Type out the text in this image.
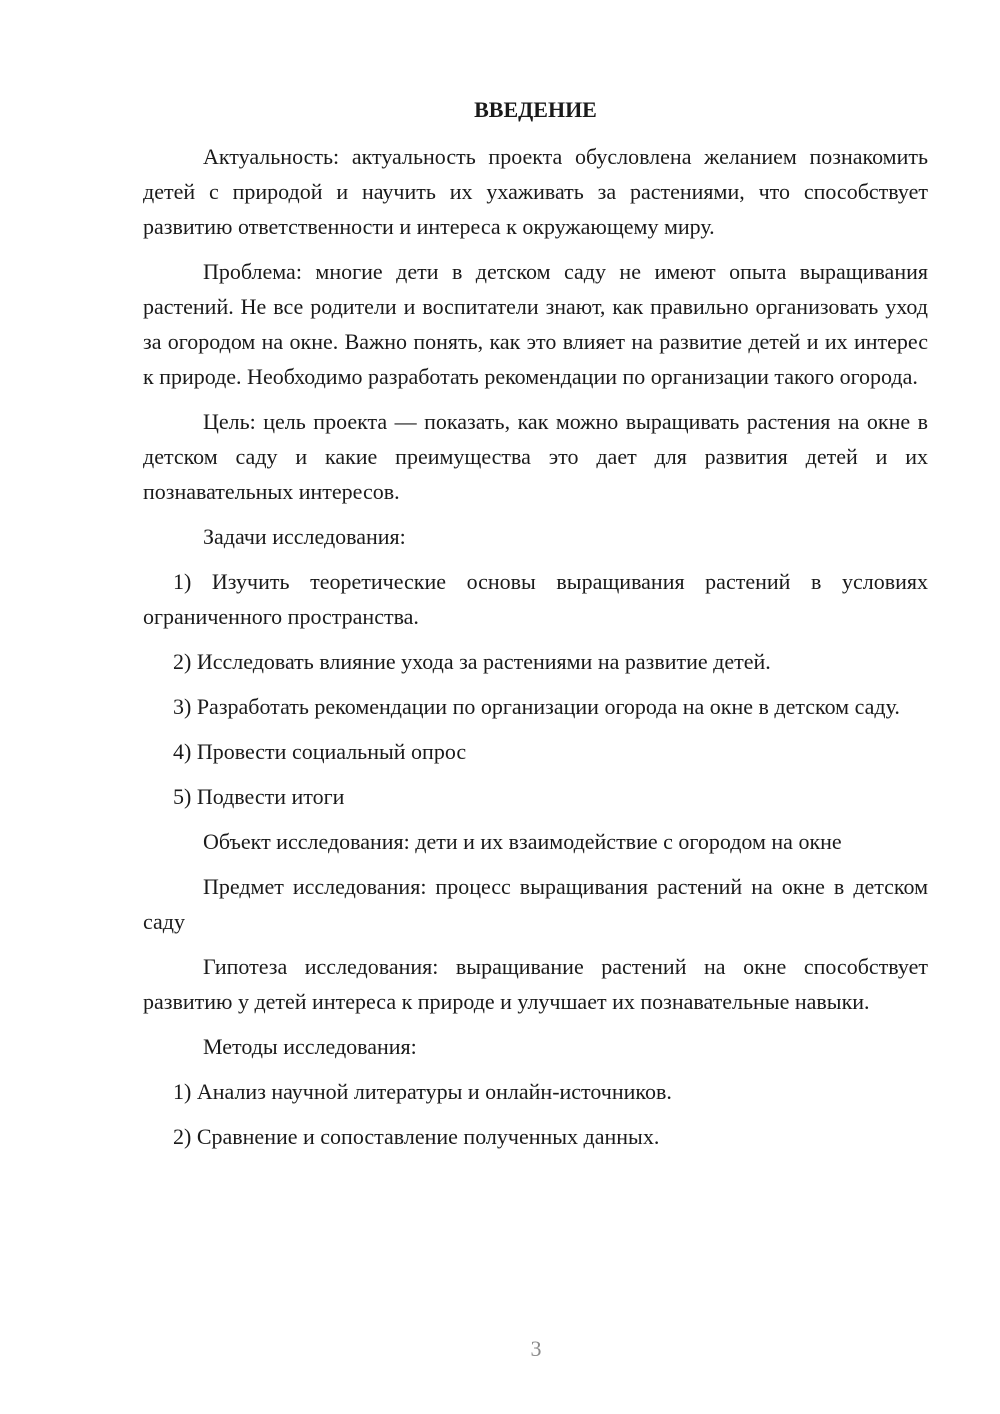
ВВЕДЕНИЕ

Актуальность: актуальность проекта обусловлена желанием познакомить детей с природой и научить их ухаживать за растениями, что способствует развитию ответственности и интереса к окружающему миру.

Проблема: многие дети в детском саду не имеют опыта выращивания растений. Не все родители и воспитатели знают, как правильно организовать уход за огородом на окне. Важно понять, как это влияет на развитие детей и их интерес к природе. Необходимо разработать рекомендации по организации такого огорода.

Цель: цель проекта — показать, как можно выращивать растения на окне в детском саду и какие преимущества это дает для развития детей и их познавательных интересов.

Задачи исследования:

1) Изучить теоретические основы выращивания растений в условиях ограниченного пространства.

2) Исследовать влияние ухода за растениями на развитие детей.

3) Разработать рекомендации по организации огорода на окне в детском саду.

4) Провести социальный опрос

5) Подвести итоги

Объект исследования: дети и их взаимодействие с огородом на окне

Предмет исследования: процесс выращивания растений на окне в детском саду

Гипотеза исследования: выращивание растений на окне способствует развитию у детей интереса к природе и улучшает их познавательные навыки.

Методы исследования:

1) Анализ научной литературы и онлайн-источников.

2) Сравнение и сопоставление полученных данных.

3
